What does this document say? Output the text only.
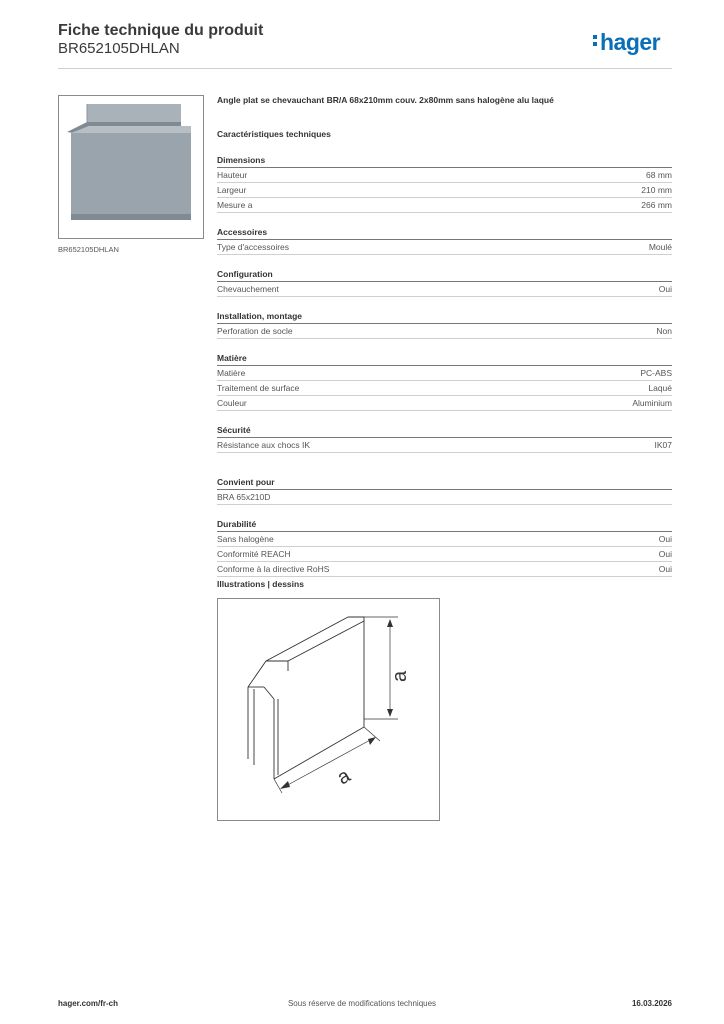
Fiche technique du produit
BR652105DHLAN	hager
BR652105DHLAN
Angle plat se chevauchant BR/A 68x210mm couv. 2x80mm sans halogène alu laqué
Caractéristiques techniques
Dimensions
Hauteur	68 mm
Largeur	210 mm
Mesure a	266 mm
Accessoires
Type d'accessoires	Moulé
Configuration
Chevauchement	Oui
Installation, montage
Perforation de socle	Non
Matière
Matière	PC-ABS
Traitement de surface	Laqué
Couleur	Aluminium
Sécurité
Résistance aux chocs IK	IK07
Convient pour
BRA 65x210D
Durabilité
Sans halogène	Oui
Conformité REACH	Oui
Conforme à la directive RoHS	Oui
Illustrations | dessins
a
a
hager.com/fr-ch	Sous réserve de modifications techniques	16.03.2026
